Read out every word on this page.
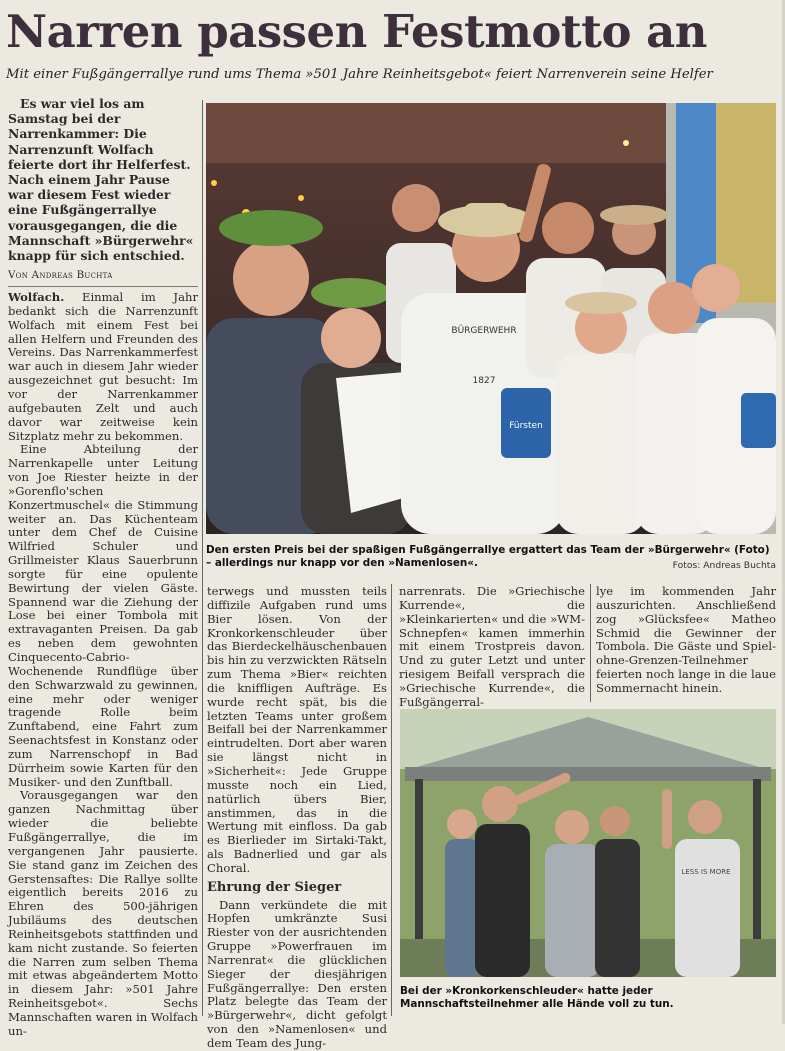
Narren passen Festmotto an
Mit einer Fußgängerrallye rund ums Thema »501 Jahre Reinheitsgebot« feiert Narrenverein seine Helfer

Es war viel los am Samstag bei der Narrenkammer: Die Narrenzunft Wolfach feierte dort ihr Helferfest. Nach einem Jahr Pause war diesem Fest wieder eine Fußgängerrallye vorausgegangen, die die Mannschaft »Bürgerwehr« knapp für sich entschied.

Von Andreas Buchta

Wolfach. Einmal im Jahr bedankt sich die Narrenzunft Wolfach mit einem Fest bei allen Helfern und Freunden des Vereins. Das Narrenkammerfest war auch in diesem Jahr wieder ausgezeichnet gut besucht: Im vor der Narrenkammer aufgebauten Zelt und auch davor war zeitweise kein Sitzplatz mehr zu bekommen.

Eine Abteilung der Narrenkapelle unter Leitung von Joe Riester heizte in der »Gorenflo'schen Konzertmuschel« die Stimmung weiter an. Das Küchenteam unter dem Chef de Cuisine Wilfried Schuler und Grillmeister Klaus Sauerbrunn sorgte für eine opulente Bewirtung der vielen Gäste. Spannend war die Ziehung der Lose bei einer Tombola mit extravaganten Preisen. Da gab es neben dem gewohnten Cinquecento-Cabrio-Wochenende Rundflüge über den Schwarzwald zu gewinnen, eine mehr oder weniger tragende Rolle beim Zunftabend, eine Fahrt zum Seenachtsfest in Konstanz oder zum Narrenschopf in Bad Dürrheim sowie Karten für den Musiker- und den Zunftball.

Vorausgegangen war den ganzen Nachmittag über wieder die beliebte Fußgängerrallye, die im vergangenen Jahr pausierte. Sie stand ganz im Zeichen des Gerstensaftes: Die Rallye sollte eigentlich bereits 2016 zu Ehren des 500-jährigen Jubiläums des deutschen Reinheitsgebots stattfinden und kam nicht zustande. So feierten die Narren zum selben Thema mit etwas abgeändertem Motto in diesem Jahr: »501 Jahre Reinheitsgebot«. Sechs Mannschaften waren in Wolfach un-

BÜRGERWEHR
1827
Fürsten
Den ersten Preis bei der spaßigen Fußgängerrallye ergattert das Team der »Bürgerwehr« (Foto) – allerdings nur knapp vor den »Namenlosen«.	Fotos: Andreas Buchta

terwegs und mussten teils diffizile Aufgaben rund ums Bier lösen. Von der Kronkorkenschleuder über das Bierdeckelhäuschenbauen bis hin zu verzwickten Rätseln zum Thema »Bier« reichten die kniffligen Aufträge. Es wurde recht spät, bis die letzten Teams unter großem Beifall bei der Narrenkammer eintrudelten. Dort aber waren sie längst nicht in »Sicherheit«: Jede Gruppe musste noch ein Lied, natürlich übers Bier, anstimmen, das in die Wertung mit einfloss. Da gab es Bierlieder im Sirtaki-Takt, als Badnerlied und gar als Choral.

Ehrung der Sieger

Dann verkündete die mit Hopfen umkränzte Susi Riester von der ausrichtenden Gruppe »Powerfrauen im Narrenrat« die glücklichen Sieger der diesjährigen Fußgängerrallye: Den ersten Platz belegte das Team der »Bürgerwehr«, dicht gefolgt von den »Namenlosen« und dem Team des Jung-

narrenrats. Die »Griechische Kurrende«, die »Kleinkarierten« und die »WM-Schnepfen« kamen immerhin mit einem Trostpreis davon. Und zu guter Letzt und unter riesigem Beifall versprach die »Griechische Kurrende«, die Fußgängerral-

lye im kommenden Jahr auszurichten. Anschließend zog »Glücksfee« Matheo Schmid die Gewinner der Tombola. Die Gäste und Spiel-ohne-Grenzen-Teilnehmer feierten noch lange in die laue Sommernacht hinein.

LESS IS MORE
Bei der »Kronkorkenschleuder« hatte jeder Mannschaftsteilnehmer alle Hände voll zu tun.
